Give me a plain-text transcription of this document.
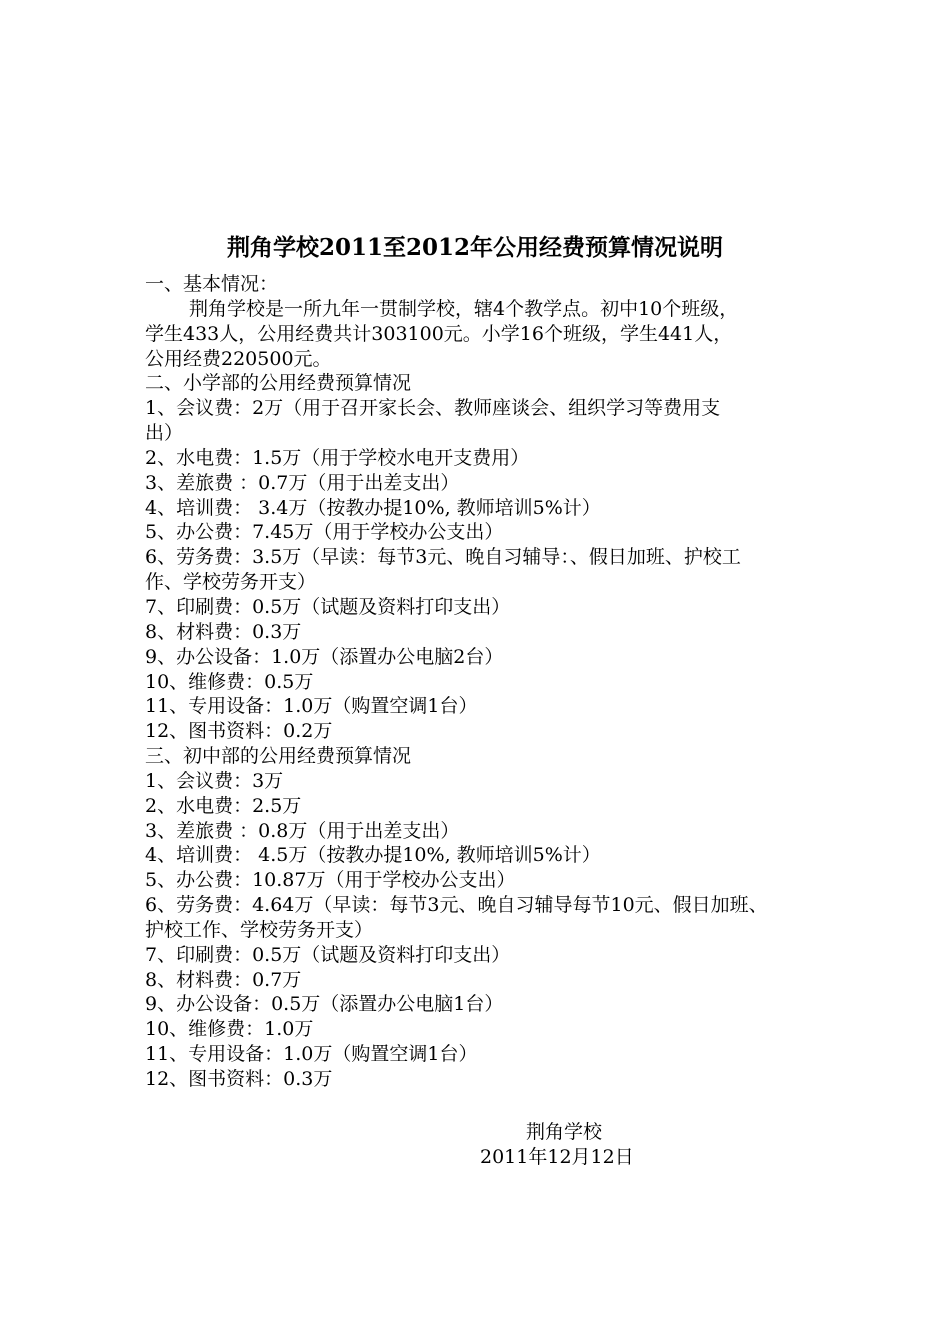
荆角学校2011至2012年公用经费预算情况说明
一、基本情况：
荆角学校是一所九年一贯制学校，辖4个教学点。初中10个班级，
学生433人，公用经费共计303100元。小学16个班级，学生441人，
公用经费220500元。
二、小学部的公用经费预算情况
1、会议费：2万（用于召开家长会、教师座谈会、组织学习等费用支
出）
2、水电费：1.5万（用于学校水电开支费用）
3、差旅费 ：0.7万（用于出差支出）
4、培训费： 3.4万（按教办提10%, 教师培训5%计）
5、办公费：7.45万（用于学校办公支出）
6、劳务费：3.5万（早读：每节3元、晚自习辅导：、假日加班、护校工
作、学校劳务开支）
7、印刷费：0.5万（试题及资料打印支出）
8、材料费：0.3万
9、办公设备：1.0万（添置办公电脑2台）
10、维修费：0.5万
11、专用设备：1.0万（购置空调1台）
12、图书资料：0.2万
三、初中部的公用经费预算情况
1、会议费：3万
2、水电费：2.5万
3、差旅费 ：0.8万（用于出差支出）
4、培训费： 4.5万（按教办提10%, 教师培训5%计）
5、办公费：10.87万（用于学校办公支出）
6、劳务费：4.64万（早读：每节3元、晚自习辅导每节10元、假日加班、
护校工作、学校劳务开支）
7、印刷费：0.5万（试题及资料打印支出）
8、材料费：0.7万
9、办公设备：0.5万（添置办公电脑1台）
10、维修费：1.0万
11、专用设备：1.0万（购置空调1台）
12、图书资料：0.3万
荆角学校
2011年12月12日
